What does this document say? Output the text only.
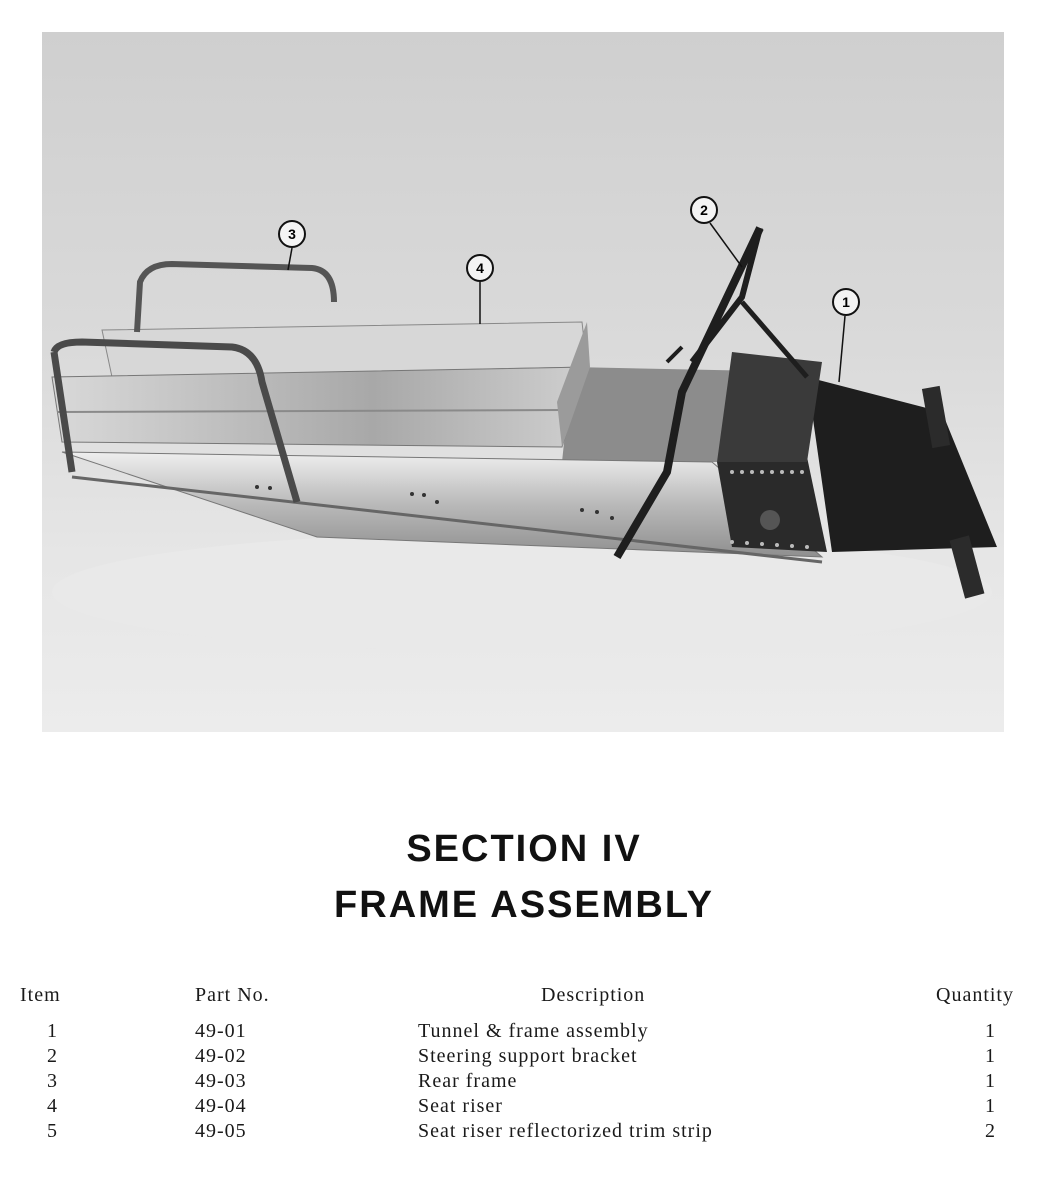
1
2
3
4
SECTION IV
FRAME ASSEMBLY
Item	Part No.	Description	Quantity
1	49-01	Tunnel & frame assembly	1
2	49-02	Steering support bracket	1
3	49-03	Rear frame	1
4	49-04	Seat riser	1
5	49-05	Seat riser reflectorized trim strip	2
